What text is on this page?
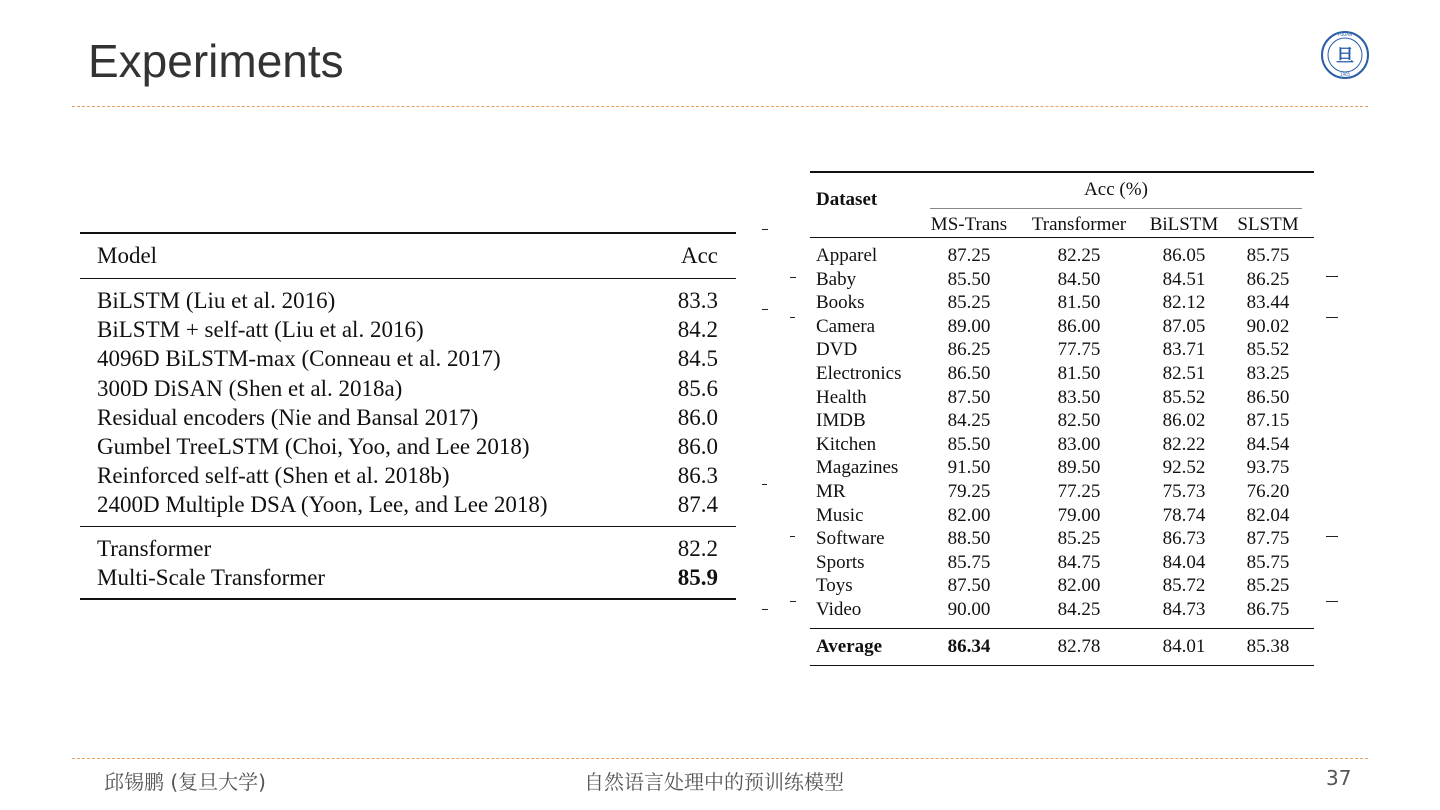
Experiments	旦
FUDAN
1905
Model	Acc
BiLSTM (Liu et al. 2016)	83.3
BiLSTM + self-att (Liu et al. 2016)	84.2
4096D BiLSTM-max (Conneau et al. 2017)	84.5
300D DiSAN (Shen et al. 2018a)	85.6
Residual encoders (Nie and Bansal 2017)	86.0
Gumbel TreeLSTM (Choi, Yoo, and Lee 2018)	86.0
Reinforced self-att (Shen et al. 2018b)	86.3
2400D Multiple DSA (Yoon, Lee, and Lee 2018)	87.4
Transformer	82.2
Multi-Scale Transformer	85.9
Dataset	Acc (%)
MS-Trans	Transformer	BiLSTM	SLSTM
Apparel	87.25	82.25	86.05	85.75
Baby	85.50	84.50	84.51	86.25
Books	85.25	81.50	82.12	83.44
Camera	89.00	86.00	87.05	90.02
DVD	86.25	77.75	83.71	85.52
Electronics	86.50	81.50	82.51	83.25
Health	87.50	83.50	85.52	86.50
IMDB	84.25	82.50	86.02	87.15
Kitchen	85.50	83.00	82.22	84.54
Magazines	91.50	89.50	92.52	93.75
MR	79.25	77.25	75.73	76.20
Music	82.00	79.00	78.74	82.04
Software	88.50	85.25	86.73	87.75
Sports	85.75	84.75	84.04	85.75
Toys	87.50	82.00	85.72	85.25
Video	90.00	84.25	84.73	86.75
Average	86.34	82.78	84.01	85.38
邱锡鹏 (复旦大学)	自然语言处理中的预训练模型	37
